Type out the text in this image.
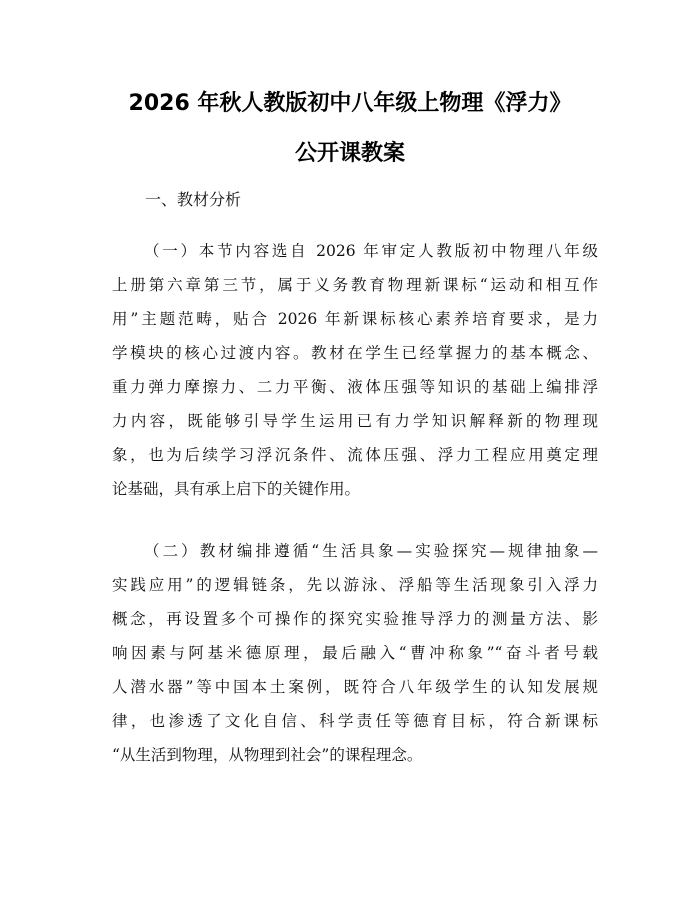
2026 年秋人教版初中八年级上物理《浮力》
公开课教案
一、教材分析
（一）本节内容选自 2026 年审定人教版初中物理八年级
上册第六章第三节，属于义务教育物理新课标“运动和相互作
用”主题范畴，贴合 2026 年新课标核心素养培育要求，是力
学模块的核心过渡内容。教材在学生已经掌握力的基本概念、
重力弹力摩擦力、二力平衡、液体压强等知识的基础上编排浮
力内容，既能够引导学生运用已有力学知识解释新的物理现
象，也为后续学习浮沉条件、流体压强、浮力工程应用奠定理
论基础，具有承上启下的关键作用。
（二）教材编排遵循“生活具象—实验探究—规律抽象—
实践应用”的逻辑链条，先以游泳、浮船等生活现象引入浮力
概念，再设置多个可操作的探究实验推导浮力的测量方法、影
响因素与阿基米德原理，最后融入“曹冲称象”“奋斗者号载
人潜水器”等中国本土案例，既符合八年级学生的认知发展规
律，也渗透了文化自信、科学责任等德育目标，符合新课标
“从生活到物理，从物理到社会”的课程理念。
